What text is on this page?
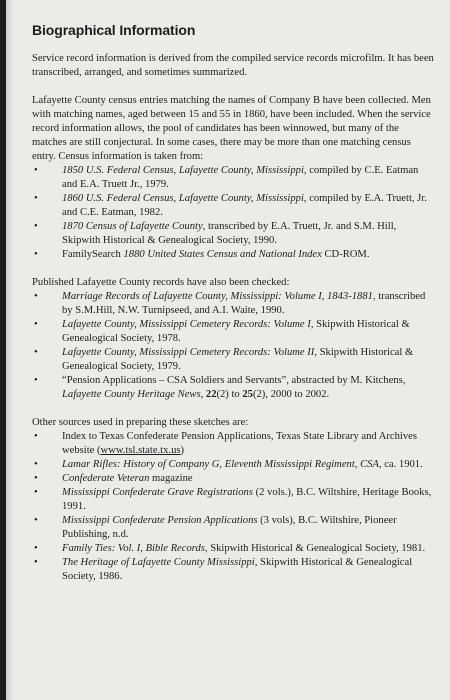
Biographical Information

Service record information is derived from the compiled service records microfilm. It has been transcribed, arranged, and sometimes summarized.

Lafayette County census entries matching the names of Company B have been collected. Men with matching names, aged between 15 and 55 in 1860, have been included. When the service record information allows, the pool of candidates has been winnowed, but many of the matches are still conjectural. In some cases, there may be more than one matching census entry. Census information is taken from:

• 1850 U.S. Federal Census, Lafayette County, Mississippi, compiled by C.E. Eatman and E.A. Truett Jr., 1979.
• 1860 U.S. Federal Census, Lafayette County, Mississippi, compiled by E.A. Truett, Jr. and C.E. Eatman, 1982.
• 1870 Census of Lafayette County, transcribed by E.A. Truett, Jr. and S.M. Hill, Skipwith Historical & Genealogical Society, 1990.
• FamilySearch 1880 United States Census and National Index CD-ROM.

Published Lafayette County records have also been checked:

• Marriage Records of Lafayette County, Mississippi: Volume I, 1843-1881, transcribed by S.M.Hill, N.W. Turnipseed, and A.I. Waite, 1990.
• Lafayette County, Mississippi Cemetery Records: Volume I, Skipwith Historical & Genealogical Society, 1978.
• Lafayette County, Mississippi Cemetery Records: Volume II, Skipwith Historical & Genealogical Society, 1979.
• “Pension Applications – CSA Soldiers and Servants”, abstracted by M. Kitchens, Lafayette County Heritage News, 22(2) to 25(2), 2000 to 2002.

Other sources used in preparing these sketches are:

• Index to Texas Confederate Pension Applications, Texas State Library and Archives website (www.tsl.state.tx.us)
• Lamar Rifles: History of Company G, Eleventh Mississippi Regiment, CSA, ca. 1901.
• Confederate Veteran magazine
• Mississippi Confederate Grave Registrations (2 vols.), B.C. Wiltshire, Heritage Books, 1991.
• Mississippi Confederate Pension Applications (3 vols), B.C. Wiltshire, Pioneer Publishing, n.d.
• Family Ties: Vol. I, Bible Records, Skipwith Historical & Genealogical Society, 1981.
• The Heritage of Lafayette County Mississippi, Skipwith Historical & Genealogical Society, 1986.
